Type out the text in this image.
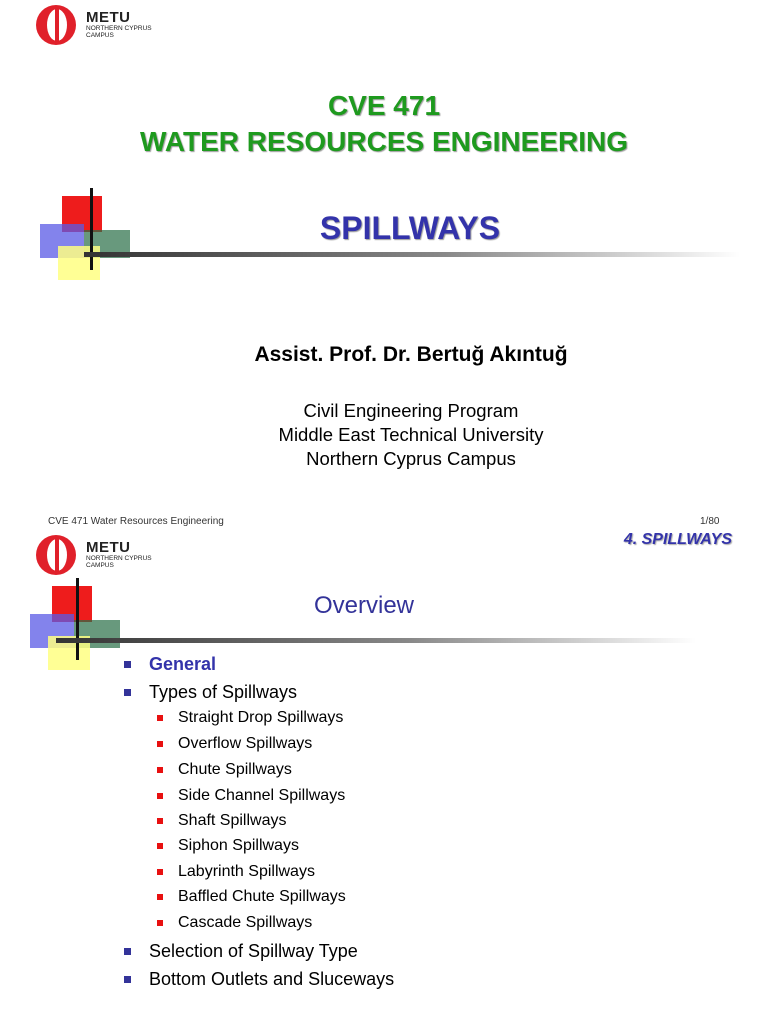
METU
NORTHERN CYPRUS
CAMPUS
CVE 471
WATER RESOURCES ENGINEERING
SPILLWAYS
Assist. Prof. Dr. Bertuğ Akıntuğ
Civil Engineering Program
Middle East Technical University
Northern Cyprus Campus
CVE 471 Water Resources Engineering	1/80
METU
NORTHERN CYPRUS
CAMPUS
4. SPILLWAYS
Overview
General
Types of Spillways
Straight Drop Spillways
Overflow Spillways
Chute Spillways
Side Channel Spillways
Shaft Spillways
Siphon Spillways
Labyrinth Spillways
Baffled Chute Spillways
Cascade Spillways
Selection of Spillway Type
Bottom Outlets and Sluceways
